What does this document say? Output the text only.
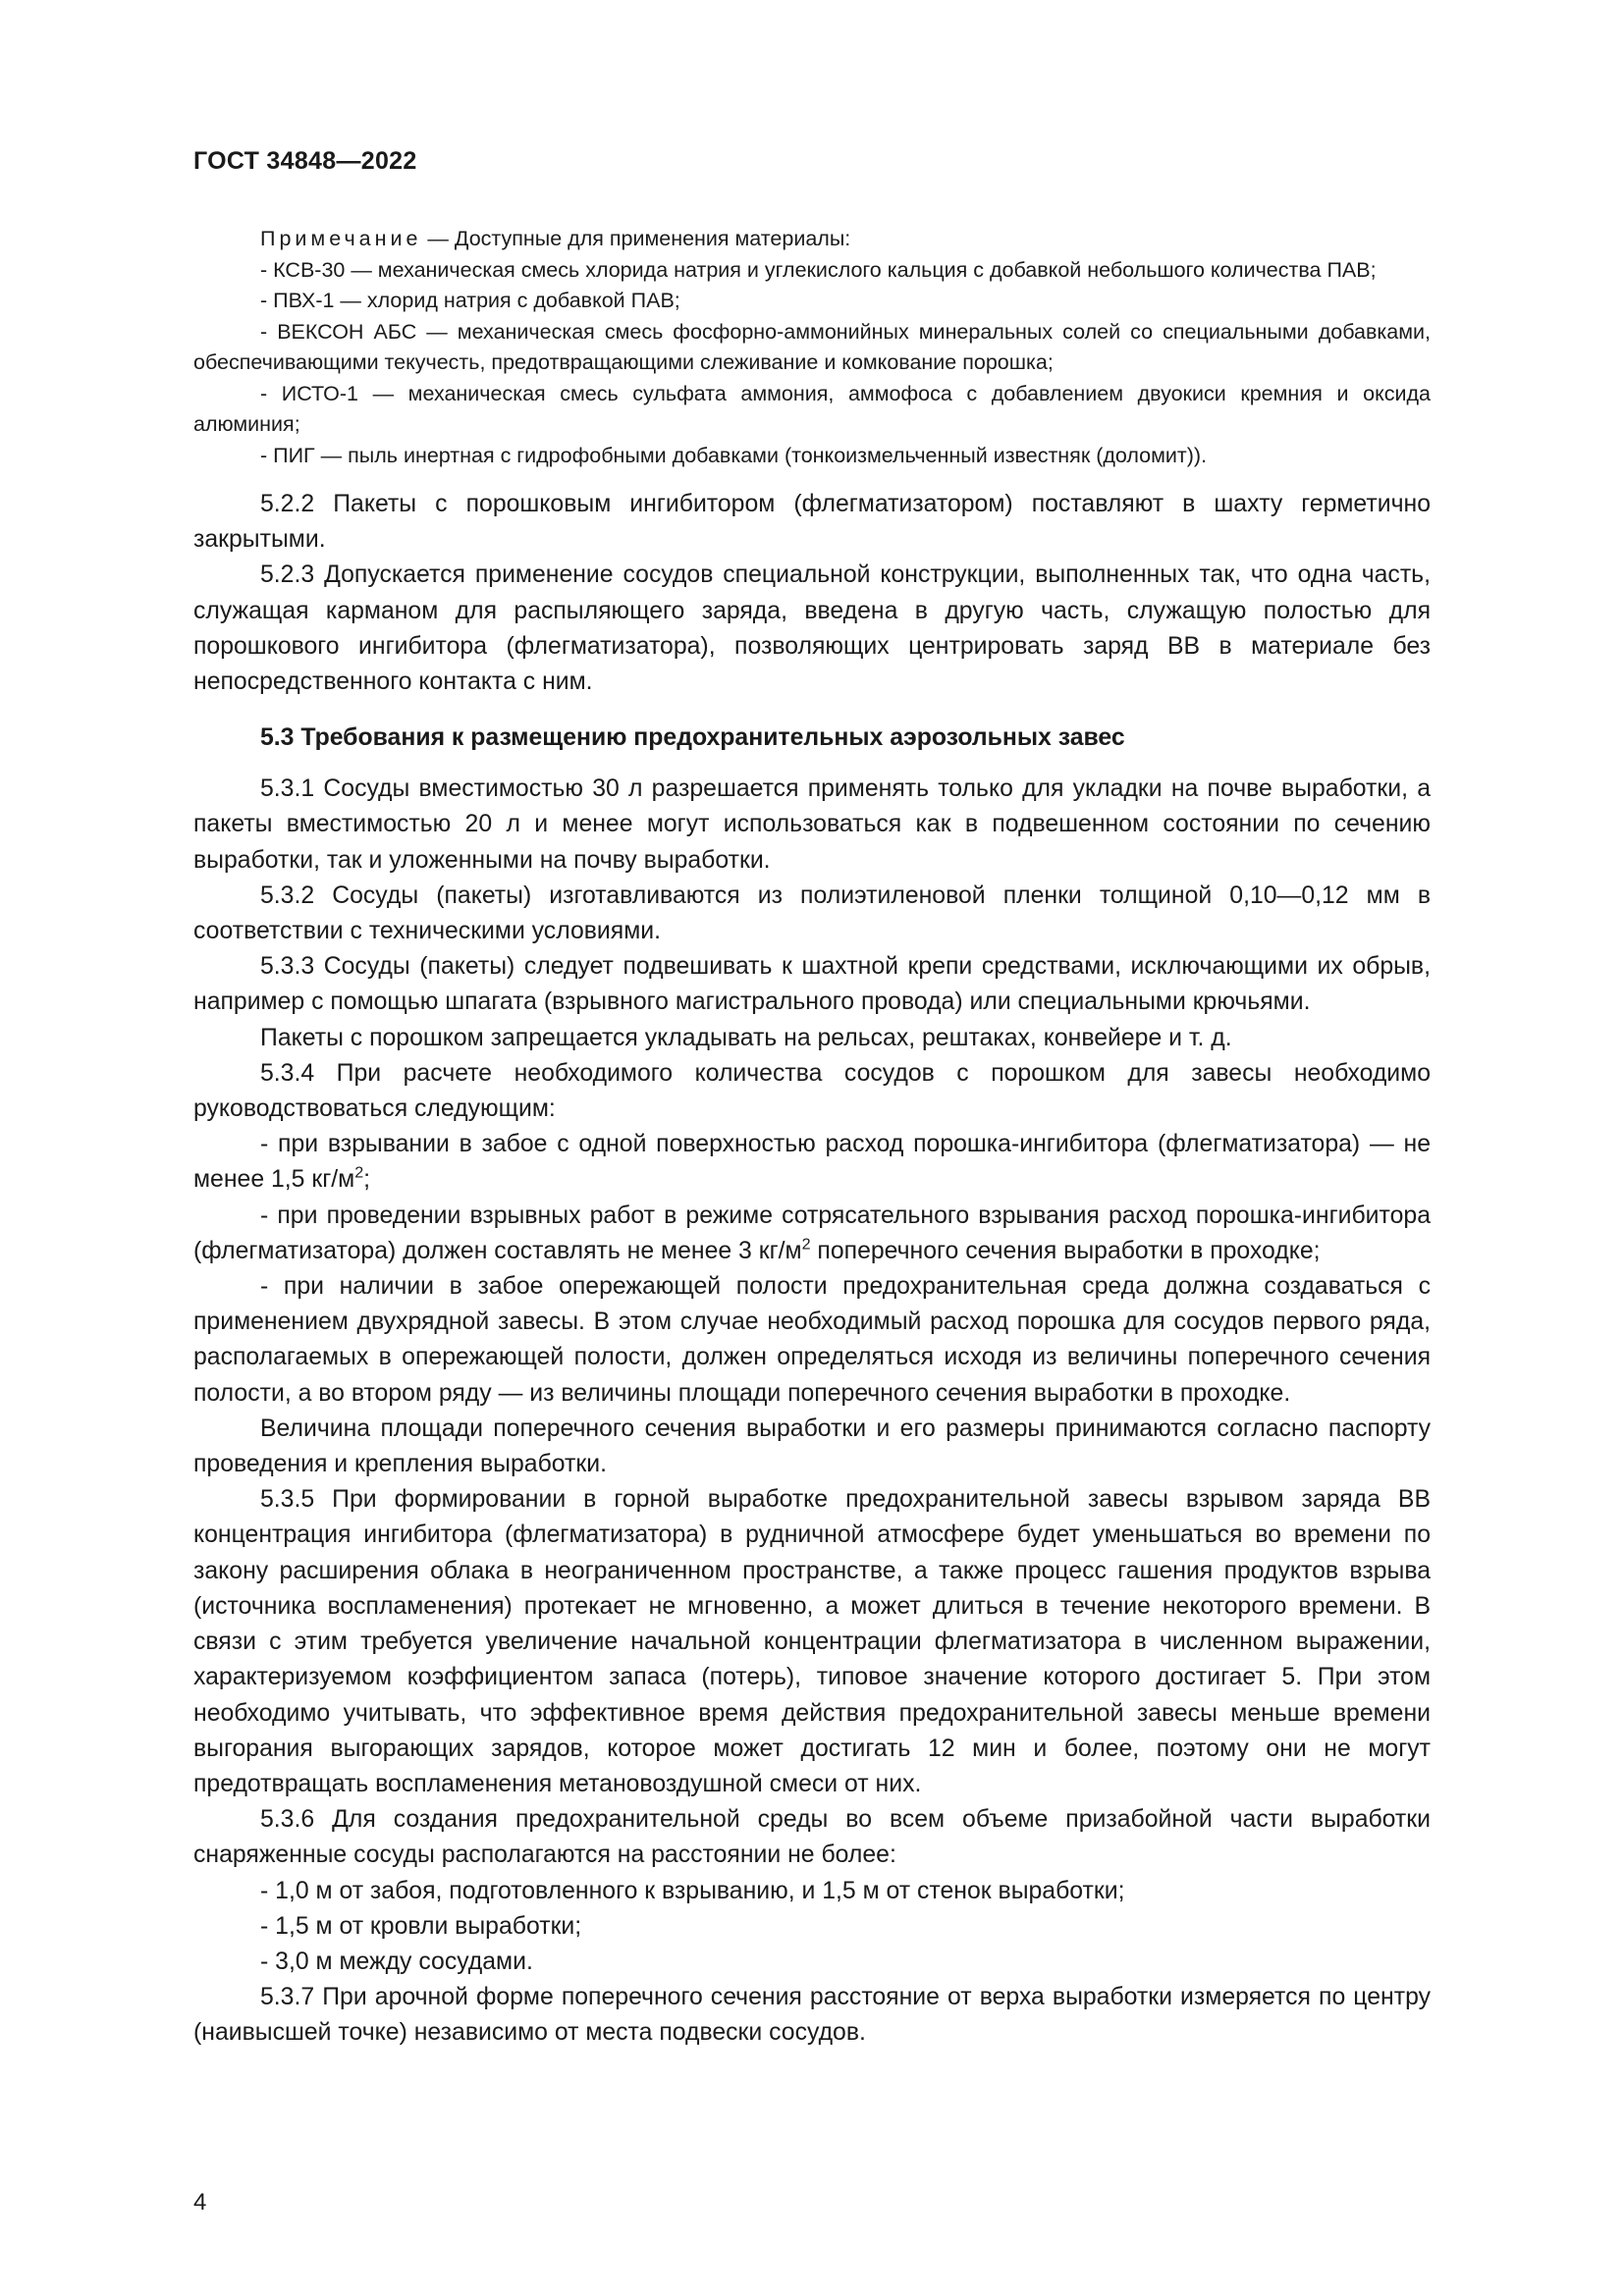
ГОСТ 34848—2022

Примечание — Доступные для применения материалы:

- КСВ-30 — механическая смесь хлорида натрия и углекислого кальция с добавкой небольшого количества ПАВ;

- ПВХ-1 — хлорид натрия с добавкой ПАВ;

- ВЕКСОН АБС — механическая смесь фосфорно-аммонийных минеральных солей со специальными добавками, обеспечивающими текучесть, предотвращающими слеживание и комкование порошка;

- ИСТО-1 — механическая смесь сульфата аммония, аммофоса с добавлением двуокиси кремния и оксида алюминия;

- ПИГ — пыль инертная с гидрофобными добавками (тонкоизмельченный известняк (доломит)).

5.2.2 Пакеты с порошковым ингибитором (флегматизатором) поставляют в шахту герметично закрытыми.

5.2.3 Допускается применение сосудов специальной конструкции, выполненных так, что одна часть, служащая карманом для распыляющего заряда, введена в другую часть, служащую полостью для порошкового ингибитора (флегматизатора), позволяющих центрировать заряд ВВ в материале без непосредственного контакта с ним.

5.3 Требования к размещению предохранительных аэрозольных завес

5.3.1 Сосуды вместимостью 30 л разрешается применять только для укладки на почве выработки, а пакеты вместимостью 20 л и менее могут использоваться как в подвешенном состоянии по сечению выработки, так и уложенными на почву выработки.

5.3.2 Сосуды (пакеты) изготавливаются из полиэтиленовой пленки толщиной 0,10—0,12 мм в соответствии с техническими условиями.

5.3.3 Сосуды (пакеты) следует подвешивать к шахтной крепи средствами, исключающими их обрыв, например с помощью шпагата (взрывного магистрального провода) или специальными крючьями.

Пакеты с порошком запрещается укладывать на рельсах, рештаках, конвейере и т. д.

5.3.4 При расчете необходимого количества сосудов с порошком для завесы необходимо руководствоваться следующим:

- при взрывании в забое с одной поверхностью расход порошка-ингибитора (флегматизатора) — не менее 1,5 $кг/м^2$;

- при проведении взрывных работ в режиме сотрясательного взрывания расход порошка-ингибитора (флегматизатора) должен составлять не менее 3 $кг/м^2$ поперечного сечения выработки в проходке;

- при наличии в забое опережающей полости предохранительная среда должна создаваться с применением двухрядной завесы. В этом случае необходимый расход порошка для сосудов первого ряда, располагаемых в опережающей полости, должен определяться исходя из величины поперечного сечения полости, а во втором ряду — из величины площади поперечного сечения выработки в проходке.

Величина площади поперечного сечения выработки и его размеры принимаются согласно паспорту проведения и крепления выработки.

5.3.5 При формировании в горной выработке предохранительной завесы взрывом заряда ВВ концентрация ингибитора (флегматизатора) в рудничной атмосфере будет уменьшаться во времени по закону расширения облака в неограниченном пространстве, а также процесс гашения продуктов взрыва (источника воспламенения) протекает не мгновенно, а может длиться в течение некоторого времени. В связи с этим требуется увеличение начальной концентрации флегматизатора в численном выражении, характеризуемом коэффициентом запаса (потерь), типовое значение которого достигает 5. При этом необходимо учитывать, что эффективное время действия предохранительной завесы меньше времени выгорания выгорающих зарядов, которое может достигать 12 мин и более, поэтому они не могут предотвращать воспламенения метановоздушной смеси от них.

5.3.6 Для создания предохранительной среды во всем объеме призабойной части выработки снаряженные сосуды располагаются на расстоянии не более:

- 1,0 м от забоя, подготовленного к взрыванию, и 1,5 м от стенок выработки;

- 1,5 м от кровли выработки;

- 3,0 м между сосудами.

5.3.7 При арочной форме поперечного сечения расстояние от верха выработки измеряется по центру (наивысшей точке) независимо от места подвески сосудов.

4
